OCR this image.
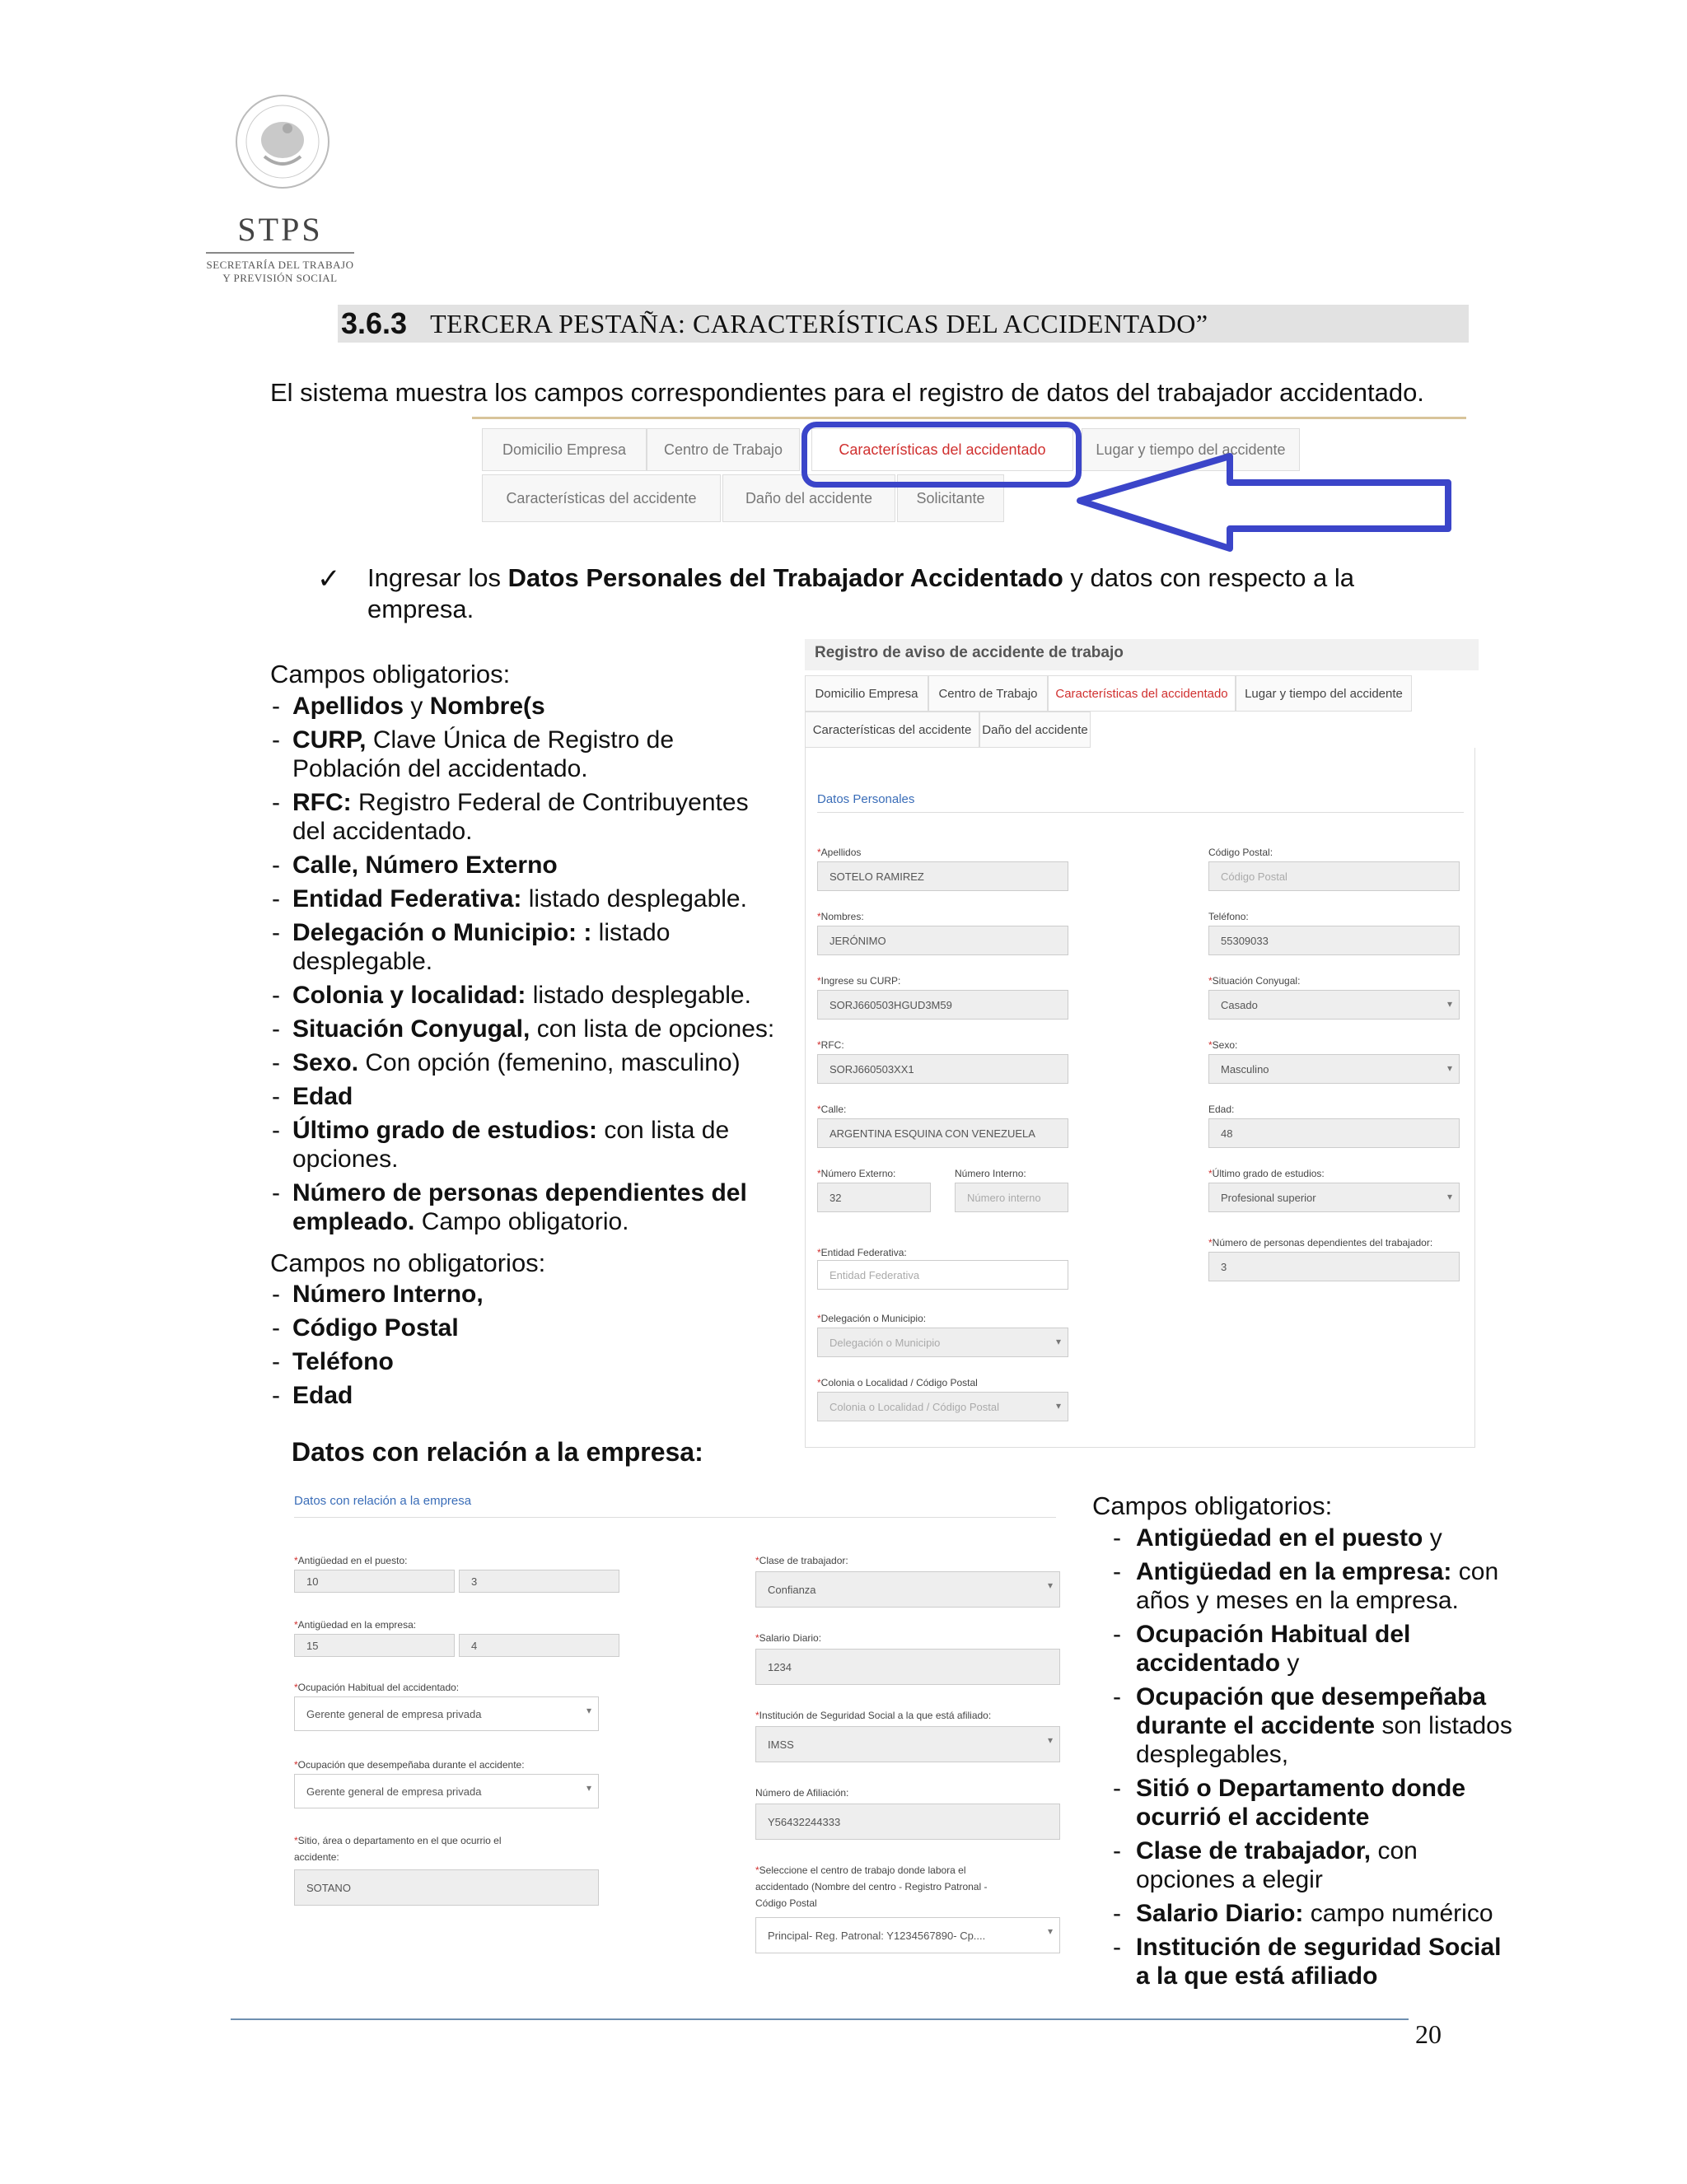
STPS
SECRETARÍA DEL TRABAJO
Y PREVISIÓN SOCIAL
3.6.3 TERCERA PESTAÑA: CARACTERÍSTICAS DEL ACCIDENTADO”
El sistema muestra los campos correspondientes para el registro de datos del trabajador accidentado.
Domicilio Empresa	Centro de Trabajo	Características del accidentado	Lugar y tiempo del accidente
Características del accidente	Daño del accidente	Solicitante
✓ Ingresar los Datos Personales del Trabajador Accidentado y datos con respecto a la empresa.
Campos obligatorios:
- Apellidos y Nombre(s
- CURP, Clave Única de Registro de Población del accidentado.
- RFC: Registro Federal de Contribuyentes del accidentado.
- Calle, Número Externo
- Entidad Federativa: listado desplegable.
- Delegación o Municipio: : listado desplegable.
- Colonia y localidad: listado desplegable.
- Situación Conyugal, con lista de opciones:
- Sexo. Con opción (femenino, masculino)
- Edad
- Último grado de estudios: con lista de opciones.
- Número de personas dependientes del empleado. Campo obligatorio.
Campos no obligatorios:
- Número Interno,
- Código Postal
- Teléfono
- Edad
Registro de aviso de accidente de trabajo
Domicilio Empresa	Centro de Trabajo	Características del accidentado	Lugar y tiempo del accidente
Características del accidente Daño del accidente
Datos Personales
*Apellidos
SOTELO RAMIREZ
*Nombres:
JERÓNIMO
*Ingrese su CURP:
SORJ660503HGUD3M59
*RFC:
SORJ660503XX1
*Calle:
ARGENTINA ESQUINA CON VENEZUELA
*Número Externo:
32
Número Interno:
Número interno
*Entidad Federativa:
Entidad Federativa
*Delegación o Municipio:
Delegación o Municipio ▾
*Colonia o Localidad / Código Postal
Colonia o Localidad / Código Postal ▾
Código Postal:
Código Postal
Teléfono:
55309033
*Situación Conyugal:
Casado ▾
*Sexo:
Masculino ▾
Edad:
48
*Último grado de estudios:
Profesional superior ▾
*Número de personas dependientes del trabajador:
3
Datos con relación a la empresa:
Datos con relación a la empresa
*Antigüedad en el puesto:
10	3
*Antigüedad en la empresa:
15	4
*Ocupación Habitual del accidentado:
Gerente general de empresa privada ▾
*Ocupación que desempeñaba durante el accidente:
Gerente general de empresa privada ▾
*Sitio, área o departamento en el que ocurrio el
accidente:
SOTANO
*Clase de trabajador:
Confianza ▾
*Salario Diario:
1234
*Institución de Seguridad Social a la que está afiliado:
IMSS ▾
Número de Afiliación:
Y56432244333
*Seleccione el centro de trabajo donde labora el
accidentado (Nombre del centro - Registro Patronal -
Código Postal
Principal- Reg. Patronal: Y1234567890- Cp.... ▾
Campos obligatorios:
- Antigüedad en el puesto y
- Antigüedad en la empresa: con años y meses en la empresa.
- Ocupación Habitual del accidentado y
- Ocupación que desempeñaba durante el accidente son listados desplegables,
- Sitió o Departamento donde ocurrió el accidente
- Clase de trabajador, con opciones a elegir
- Salario Diario: campo numérico
- Institución de seguridad Social a la que está afiliado
20
